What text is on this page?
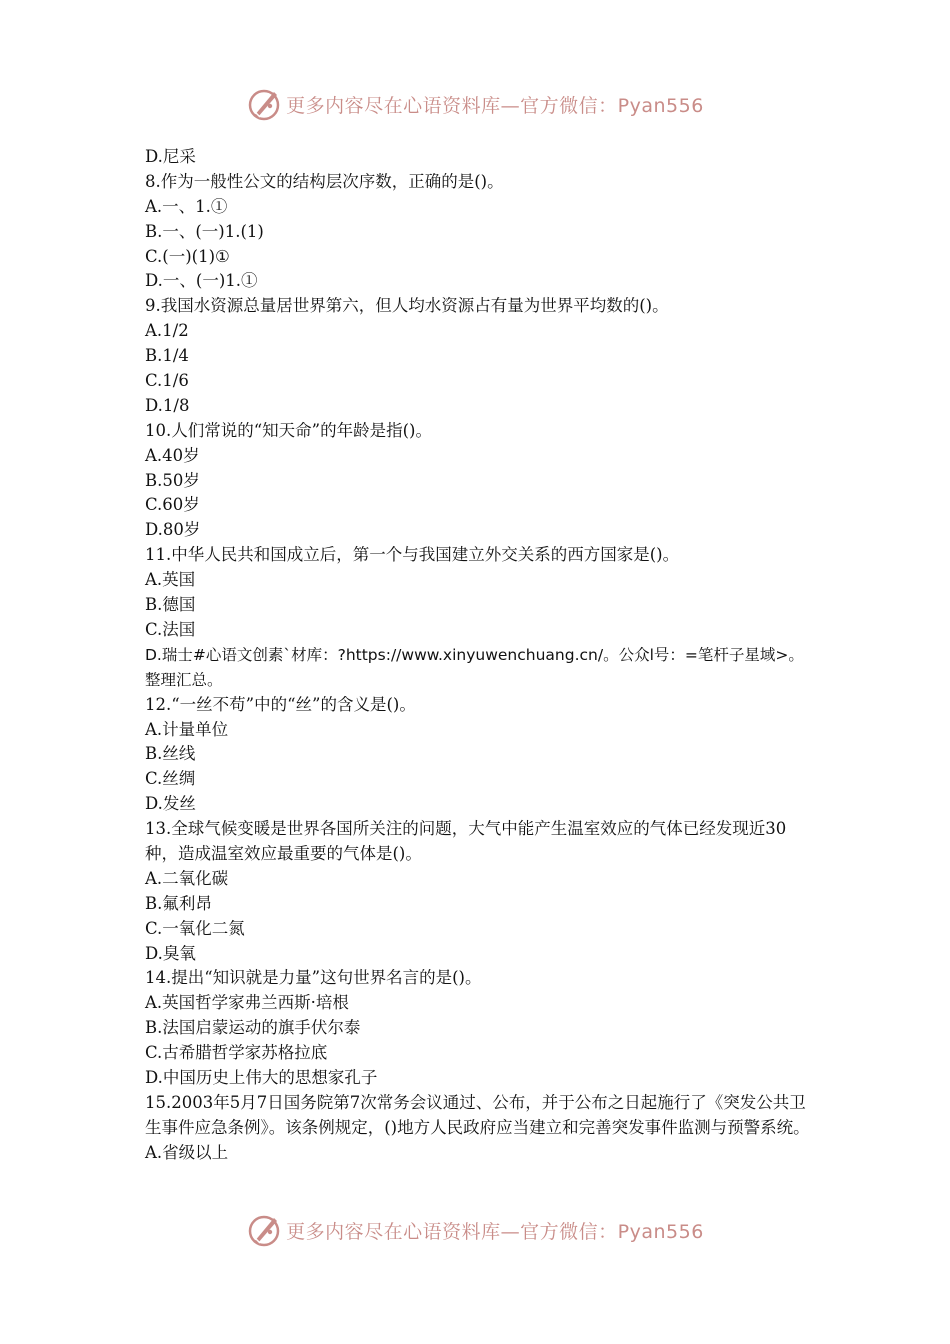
更多内容尽在心语资料库—官方微信：Pyan556
D.尼采
8.作为一般性公文的结构层次序数，正确的是()。
A.一、1.①
B.一、(一)1.(1)
C.(一)(1)①
D.一、(一)1.①
9.我国水资源总量居世界第六，但人均水资源占有量为世界平均数的()。
A.1/2
B.1/4
C.1/6
D.1/8
10.人们常说的“知天命”的年龄是指()。
A.40岁
B.50岁
C.60岁
D.80岁
11.中华人民共和国成立后，第一个与我国建立外交关系的西方国家是()。
A.英国
B.德国
C.法国
D.瑞士#心语文创素`材库：?https://www.xinyuwenchuang.cn/。公众l号：=笔杆子星域>。整理汇总。
12.“一丝不苟”中的“丝”的含义是()。
A.计量单位
B.丝线
C.丝绸
D.发丝
13.全球气候变暖是世界各国所关注的问题，大气中能产生温室效应的气体已经发现近30种，造成温室效应最重要的气体是()。
A.二氧化碳
B.氟利昂
C.一氧化二氮
D.臭氧
14.提出“知识就是力量”这句世界名言的是()。
A.英国哲学家弗兰西斯·培根
B.法国启蒙运动的旗手伏尔泰
C.古希腊哲学家苏格拉底
D.中国历史上伟大的思想家孔子
15.2003年5月7日国务院第7次常务会议通过、公布，并于公布之日起施行了《突发公共卫生事件应急条例》。该条例规定，()地方人民政府应当建立和完善突发事件监测与预警系统。
A.省级以上
更多内容尽在心语资料库—官方微信：Pyan556
